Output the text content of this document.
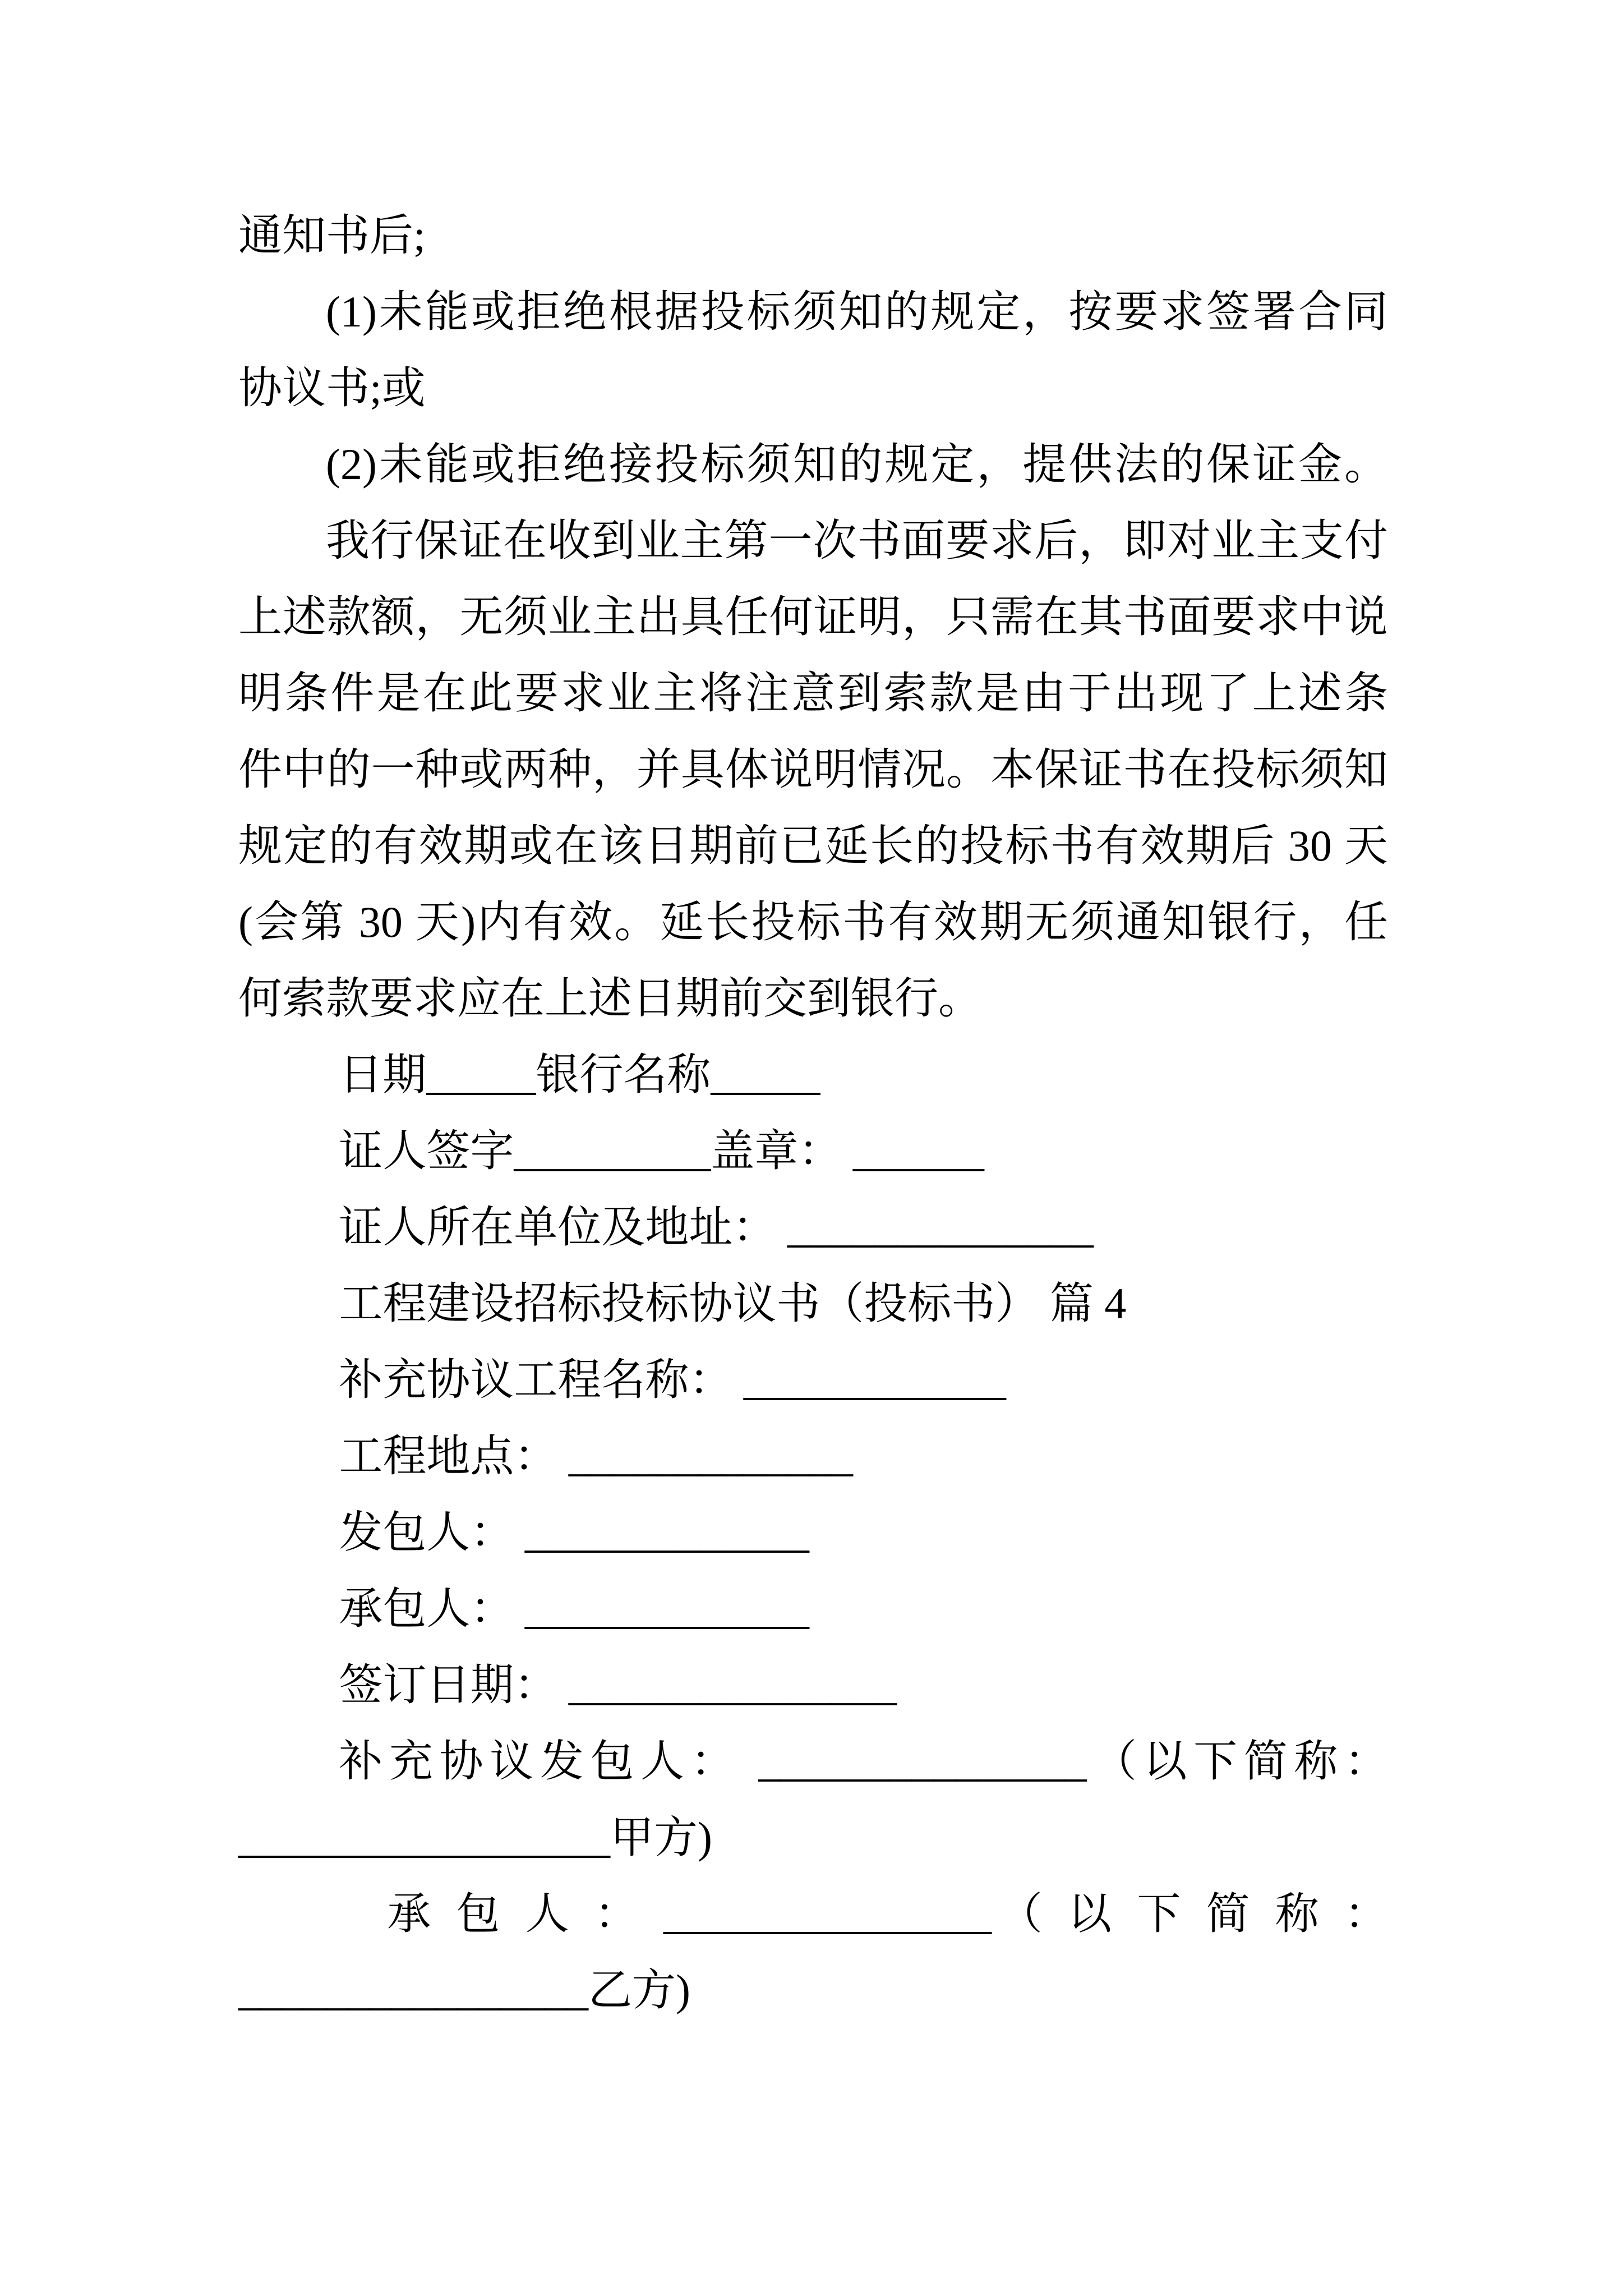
通知书后;
(1)未能或拒绝根据投标须知的规定，按要求签署合同
协议书;或
(2)未能或拒绝接投标须知的规定，提供法的保证金。
我行保证在收到业主第一次书面要求后，即对业主支付
上述款额，无须业主出具任何证明，只需在其书面要求中说
明条件是在此要求业主将注意到索款是由于出现了上述条
件中的一种或两种，并具体说明情况。本保证书在投标须知
规定的有效期或在该日期前已延长的投标书有效期后 30 天
(会第 30 天)内有效。延长投标书有效期无须通知银行，任
何索款要求应在上述日期前交到银行。
日期_____银行名称_____
证人签字_________盖章： ______
证人所在单位及地址： ______________
工程建设招标投标协议书（投标书） 篇 4
补充协议工程名称： ____________
工程地点： _____________
发包人： _____________
承包人： _____________
签订日期： _______________
补充协议发包人： _______________（以下简称：
_________________甲方)
承 包 人 ： _______________（ 以 下 简 称 ：
________________乙方)
